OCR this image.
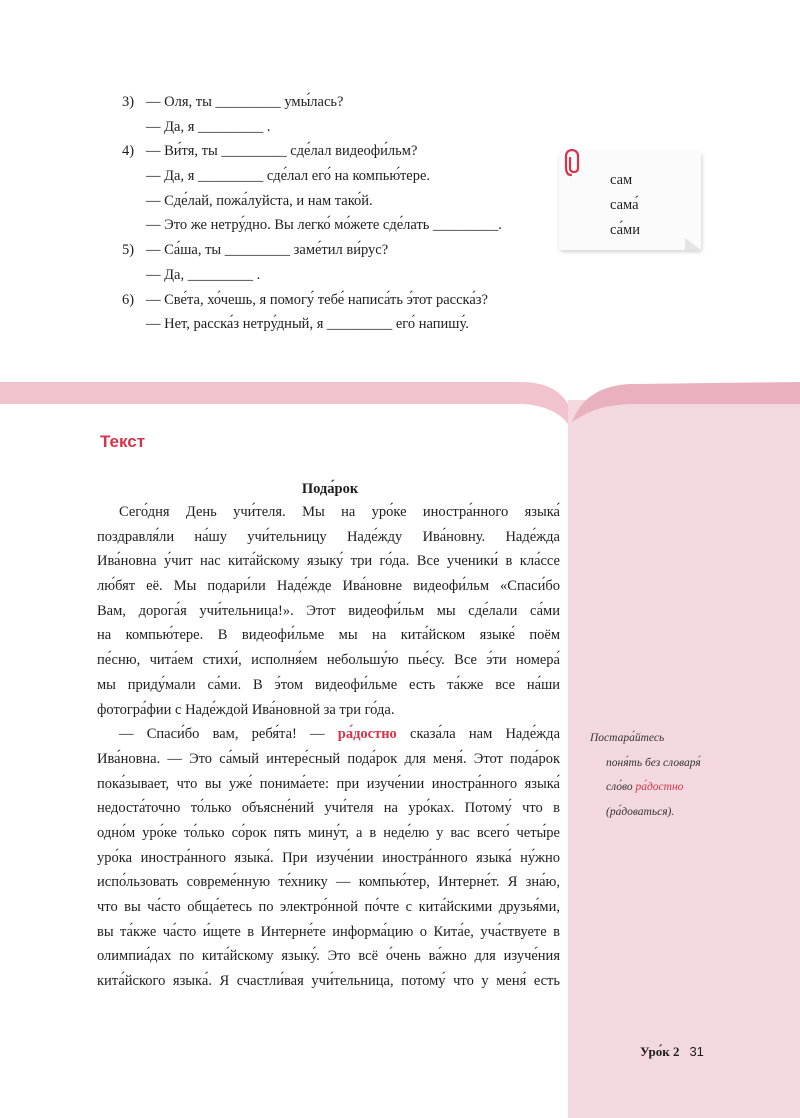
3) — Оля, ты _________ умы́лась?
— Да, я _________ .
4) — Ви́тя, ты _________ сде́лал видеофи́льм?
— Да, я _________ сде́лал его́ на компью́тере.
— Сде́лай, пожа́луйста, и нам тако́й.
— Это же нетру́дно. Вы легко́ мо́жете сде́лать _________.
5) — Са́ша, ты _________ заме́тил ви́рус?
— Да, _________ .
6) — Све́та, хо́чешь, я помогу́ тебе́ написа́ть э́тот расска́з?
— Нет, расска́з нетру́дный, я _________ его́ напишу́.
сам
сама́
са́ми
Текст
Пода́рок
Сего́дня День учи́теля. Мы на уро́ке иностра́нного языка́
поздравля́ли на́шу учи́тельницу Наде́жду Ива́новну. Наде́жда
Ива́новна у́чит нас кита́йскому языку́ три го́да. Все ученики́ в кла́ссе
лю́бят её. Мы подари́ли Наде́жде Ива́новне видеофи́льм «Спаси́бо
Вам, дорога́я учи́тельница!». Этот видеофи́льм мы сде́лали са́ми
на компью́тере. В видеофи́льме мы на кита́йском языке́ поём
пе́сню, чита́ем стихи́, исполня́ем небольшу́ю пье́су. Все э́ти номера́
мы приду́мали са́ми. В э́том видеофи́льме есть та́кже все на́ши
фотогра́фии с Наде́ждой Ива́новной за три го́да.
— Спаси́бо вам, ребя́та! — ра́достно сказа́ла нам Наде́жда
Ива́новна. — Это са́мый интере́сный пода́рок для меня́. Этот пода́рок
пока́зывает, что вы уже́ понима́ете: при изуче́нии иностра́нного языка́
недоста́точно то́лько объясне́ний учи́теля на уро́ках. Потому́ что в
одно́м уро́ке то́лько со́рок пять мину́т, а в неде́лю у вас всего́ четы́ре
уро́ка иностра́нного языка́. При изуче́нии иностра́нного языка́ ну́жно
испо́льзовать совреме́нную те́хнику — компью́тер, Интерне́т. Я зна́ю,
что вы ча́сто обща́етесь по электро́нной по́чте с кита́йскими друзья́ми,
вы та́кже ча́сто и́щете в Интерне́те информа́цию о Кита́е, уча́ствуете в
олимпиа́дах по кита́йскому языку́. Это всё о́чень ва́жно для изуче́ния
кита́йского языка́. Я счастли́вая учи́тельница, потому́ что у меня́ есть
Постара́йтесь
поня́ть без словаря́
сло́во ра́достно
(ра́доваться).
Уро́к 2 31
